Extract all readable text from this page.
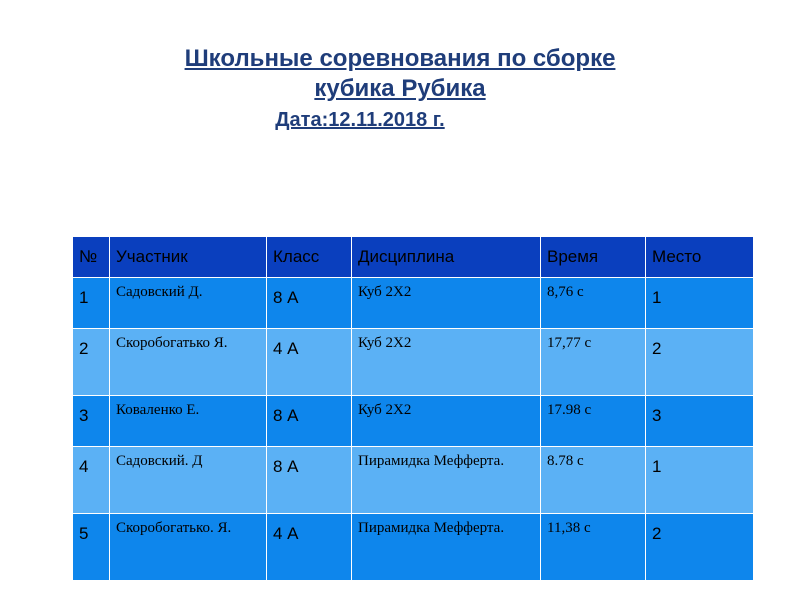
Школьные соревнования по сборке
кубика Рубика
Дата:12.11.2018 г.
№	Участник	Класс	Дисциплина	Время	Место
1	Садовский Д.	8 А	Куб 2Х2	8,76 с	1
2	Скоробогатько Я.	4 А	Куб 2Х2	17,77 с	2
3	Коваленко Е.	8 А	Куб 2Х2	17.98 с	3
4	Садовский. Д	8 А	Пирамидка Мефферта.	8.78 с	1
5	Скоробогатько. Я.	4 А	Пирамидка Мефферта.	11,38 с	2
